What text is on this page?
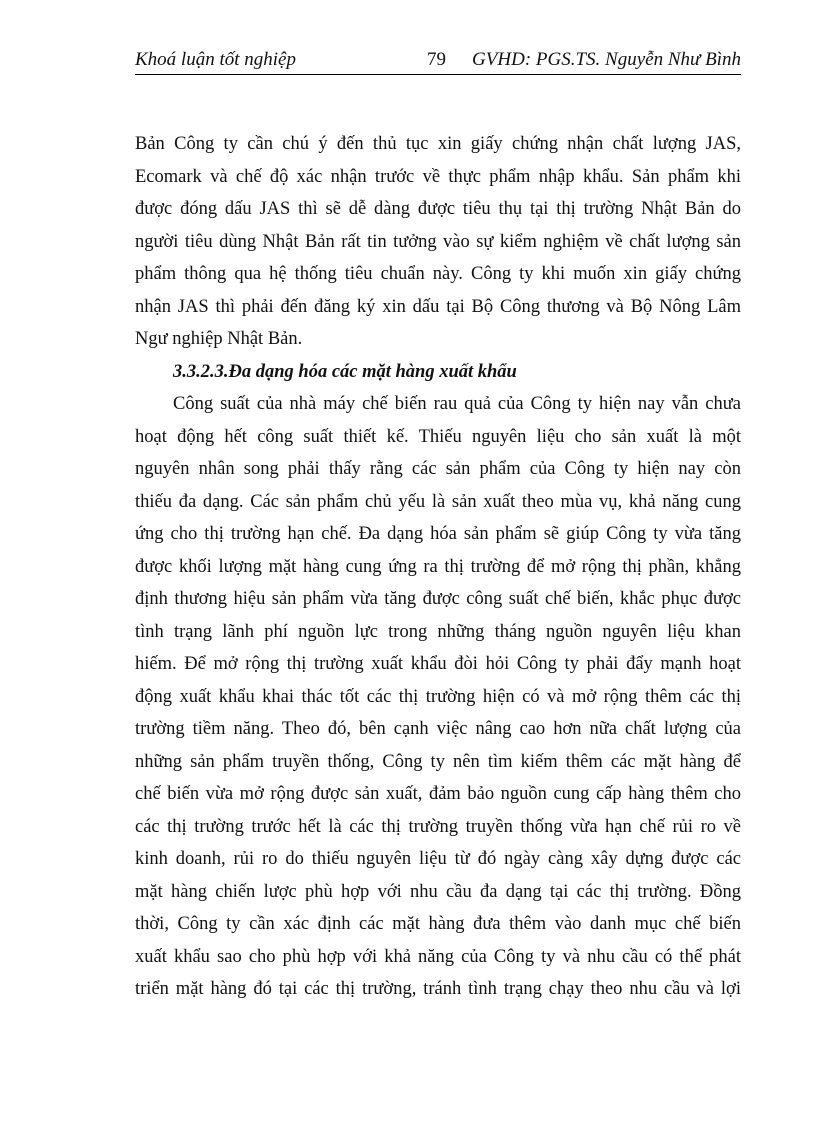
Khoá luận tốt nghiệp	79 GVHD: PGS.TS. Nguyễn Như Bình
Bản Công ty cần chú ý đến thủ tục xin giấy chứng nhận chất lượng JAS,
Ecomark và chế độ xác nhận trước về thực phẩm nhập khẩu. Sản phẩm khi
được đóng dấu JAS thì sẽ dễ dàng được tiêu thụ tại thị trường Nhật Bản do
người tiêu dùng Nhật Bản rất tin tưởng vào sự kiểm nghiệm về chất lượng sản
phẩm thông qua hệ thống tiêu chuẩn này. Công ty khi muốn xin giấy chứng
nhận JAS thì phải đến đăng ký xin dấu tại Bộ Công thương và Bộ Nông Lâm
Ngư nghiệp Nhật Bản.
3.3.2.3.Đa dạng hóa các mặt hàng xuất khẩu
Công suất của nhà máy chế biến rau quả của Công ty hiện nay vẫn chưa
hoạt động hết công suất thiết kế. Thiếu nguyên liệu cho sản xuất là một
nguyên nhân song phải thấy rằng các sản phẩm của Công ty hiện nay còn
thiếu đa dạng. Các sản phẩm chủ yếu là sản xuất theo mùa vụ, khả năng cung
ứng cho thị trường hạn chế. Đa dạng hóa sản phẩm sẽ giúp Công ty vừa tăng
được khối lượng mặt hàng cung ứng ra thị trường để mở rộng thị phần, khẳng
định thương hiệu sản phẩm vừa tăng được công suất chế biến, khắc phục được
tình trạng lãnh phí nguồn lực trong những tháng nguồn nguyên liệu khan
hiếm. Để mở rộng thị trường xuất khẩu đòi hỏi Công ty phải đẩy mạnh hoạt
động xuất khẩu khai thác tốt các thị trường hiện có và mở rộng thêm các thị
trường tiềm năng. Theo đó, bên cạnh việc nâng cao hơn nữa chất lượng của
những sản phẩm truyền thống, Công ty nên tìm kiếm thêm các mặt hàng để
chế biến vừa mở rộng được sản xuất, đảm bảo nguồn cung cấp hàng thêm cho
các thị trường trước hết là các thị trường truyền thống vừa hạn chế rủi ro về
kinh doanh, rủi ro do thiếu nguyên liệu từ đó ngày càng xây dựng được các
mặt hàng chiến lược phù hợp với nhu cầu đa dạng tại các thị trường. Đồng
thời, Công ty cần xác định các mặt hàng đưa thêm vào danh mục chế biến
xuất khẩu sao cho phù hợp với khả năng của Công ty và nhu cầu có thể phát
triển mặt hàng đó tại các thị trường, tránh tình trạng chạy theo nhu cầu và lợi
